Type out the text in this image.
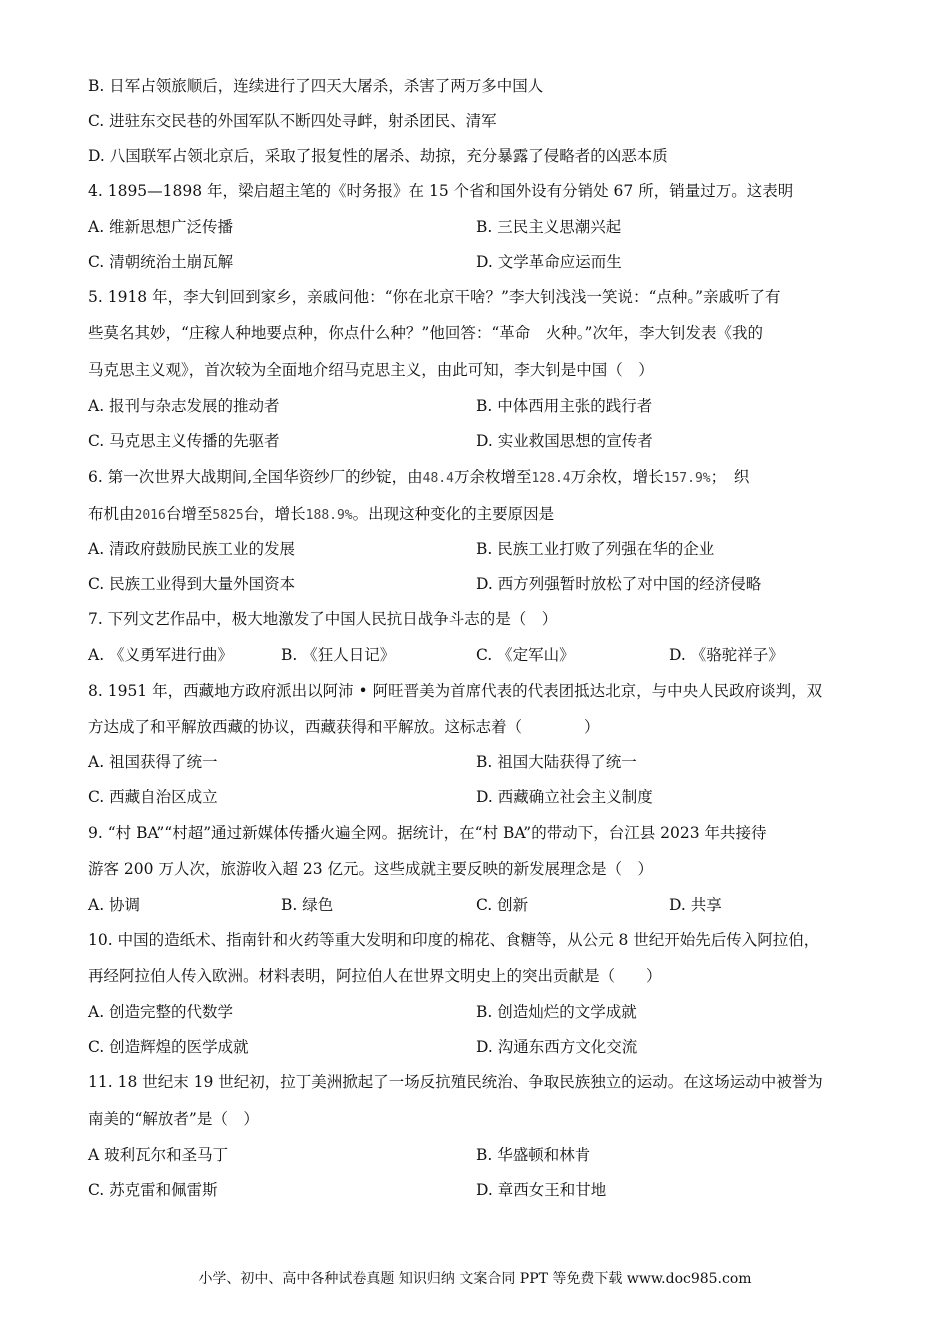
B. 日军占领旅顺后，连续进行了四天大屠杀，杀害了两万多中国人
C. 进驻东交民巷的外国军队不断四处寻衅，射杀团民、清军
D. 八国联军占领北京后，采取了报复性的屠杀、劫掠，充分暴露了侵略者的凶恶本质
4. 1895—1898 年，梁启超主笔的《时务报》在 15 个省和国外设有分销处 67 所，销量过万。这表明
A. 维新思想广泛传播	B. 三民主义思潮兴起
C. 清朝统治土崩瓦解	D. 文学革命应运而生
5. 1918 年，李大钊回到家乡，亲戚问他：“你在北京干啥？”李大钊浅浅一笑说：“点种。”亲戚听了有
些莫名其妙，“庄稼人种地要点种，你点什么种？”他回答：“革命　火种。”次年，李大钊发表《我的
马克思主义观》，首次较为全面地介绍马克思主义，由此可知，李大钊是中国（　）
A. 报刊与杂志发展的推动者	B. 中体西用主张的践行者
C. 马克思主义传播的先驱者	D. 实业救国思想的宣传者
6. 第一次世界大战期间,全国华资纱厂的纱锭，由48.4万余枚增至128.4万余枚，增长157.9%；　织
布机由2016台增至5825台，增长188.9%。出现这种变化的主要原因是
A. 清政府鼓励民族工业的发展	B. 民族工业打败了列强在华的企业
C. 民族工业得到大量外国资本	D. 西方列强暂时放松了对中国的经济侵略
7. 下列文艺作品中，极大地激发了中国人民抗日战争斗志的是（　）
A. 《义勇军进行曲》	B. 《狂人日记》	C. 《定军山》	D. 《骆驼祥子》
8. 1951 年，西藏地方政府派出以阿沛 • 阿旺晋美为首席代表的代表团抵达北京，与中央人民政府谈判，双
方达成了和平解放西藏的协议，西藏获得和平解放。这标志着（　　　　）
A. 祖国获得了统一	B. 祖国大陆获得了统一
C. 西藏自治区成立	D. 西藏确立社会主义制度
9. “村 BA”“村超”通过新媒体传播火遍全网。据统计，在“村 BA”的带动下，台江县 2023 年共接待
游客 200 万人次，旅游收入超 23 亿元。这些成就主要反映的新发展理念是（　）
A. 协调	B. 绿色	C. 创新	D. 共享
10. 中国的造纸术、指南针和火药等重大发明和印度的棉花、食糖等，从公元 8 世纪开始先后传入阿拉伯，
再经阿拉伯人传入欧洲。材料表明，阿拉伯人在世界文明史上的突出贡献是（　　）
A. 创造完整的代数学	B. 创造灿烂的文学成就
C. 创造辉煌的医学成就	D. 沟通东西方文化交流
11. 18 世纪末 19 世纪初，拉丁美洲掀起了一场反抗殖民统治、争取民族独立的运动。在这场运动中被誉为
南美的“解放者”是（　）
A 玻利瓦尔和圣马丁	B. 华盛顿和林肯
C. 苏克雷和佩雷斯	D. 章西女王和甘地
小学、初中、高中各种试卷真题 知识归纳 文案合同 PPT 等免费下载 www.doc985.com
